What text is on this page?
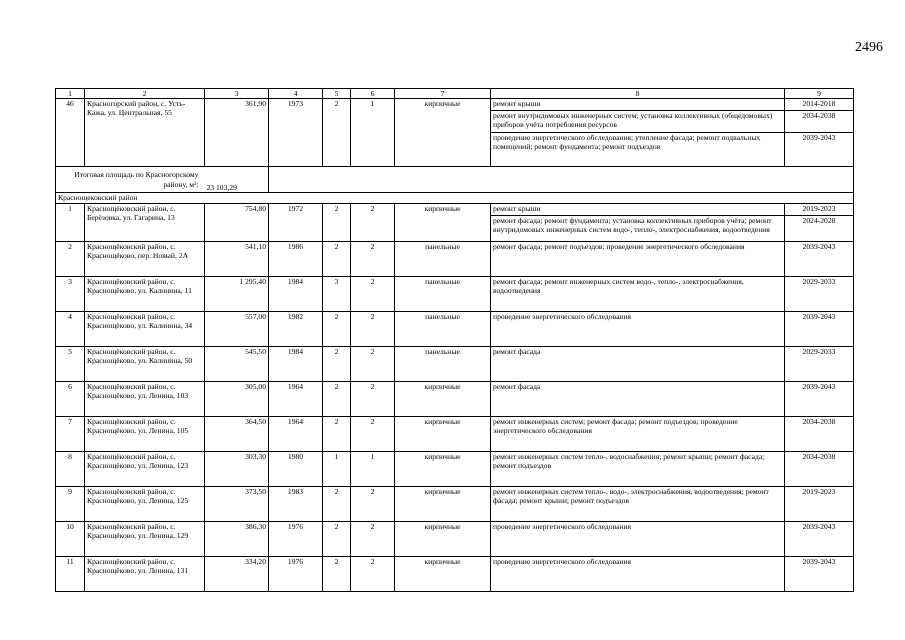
2496
1	2	3	4	5	6	7	8	9
46	Красногорский район, с. Усть-Кажа, ул. Центральная, 55	361,90	1973	2	1	кирпичные	ремонт крыши	2014-2018
							ремонт внутридомовых инженерных систем; установка коллективных (общедомовых) приборов учёта потребления ресурсов	2034-2038
							проведение энергетического обследования; утепление фасада; ремонт подвальных помещений; ремонт фундамента; ремонт подъездов	2039-2043
Итоговая площадь по Красногорскому району, м²:		23 103,29						
Краснощековский район								
1	Краснощёковский район, с. Берёзовка, ул. Гагарина, 13	754,80	1972	2	2	кирпичные	ремонт крыши	2019-2023
							ремонт фасада; ремонт фундамента; установка коллективных приборов учёта; ремонт внутридомовых инженерных систем водо-, тепло-, электроснабжения, водоотведения	2024-2028
2	Краснощёковский район, с. Краснощёково, пер. Новый, 2А	541,10	1986	2	2	панельные	ремонт фасада; ремонт подъездов; проведение энергетического обследования	2039-2043
3	Краснощёковский район, с. Краснощёково, ул. Калинина, 11	1 295,40	1984	3	2	панельные	ремонт фасада; ремонт инженерных систем водо-, тепло-, электроснабжения, водоотведения	2029-2033
4	Краснощёковский район, с. Краснощёково, ул. Калинина, 34	557,00	1982	2	2	панельные	проведение энергетического обследования	2039-2043
5	Краснощёковский район, с. Краснощёково, ул. Калинина, 50	545,50	1984	2	2	панельные	ремонт фасада	2029-2033
6	Краснощёковский район, с. Краснощёково, ул. Ленина, 103	305,00	1964	2	2	кирпичные	ремонт фасада	2039-2043
7	Краснощёковский район, с. Краснощёково, ул. Ленина, 105	364,50	1964	2	2	кирпичные	ремонт инженерных систем; ремонт фасада; ремонт подъездов; проведение энергетического обследования	2034-2038
8	Краснощёковский район, с. Краснощёково, ул. Ленина, 123	303,30	1980	1	1	кирпичные	ремонт инженерных систем тепло-, водоснабжения; ремонт крыши; ремонт фасада; ремонт подъездов	2034-2038
9	Краснощёковский район, с. Краснощёково, ул. Ленина, 125	373,50	1983	2	2	кирпичные	ремонт инженерных систем тепло-, водо-, электроснабжения, водоотведения; ремонт фасада; ремонт крыши; ремонт подъездов	2019-2023
10	Краснощёковский район, с. Краснощёково, ул. Ленина, 129	386,30	1976	2	2	кирпичные	проведение энергетического обследования	2039-2043
11	Краснощёковский район, с. Краснощёково, ул. Ленина, 131	334,20	1976	2	2	кирпичные	проведение энергетического обследования	2039-2043
